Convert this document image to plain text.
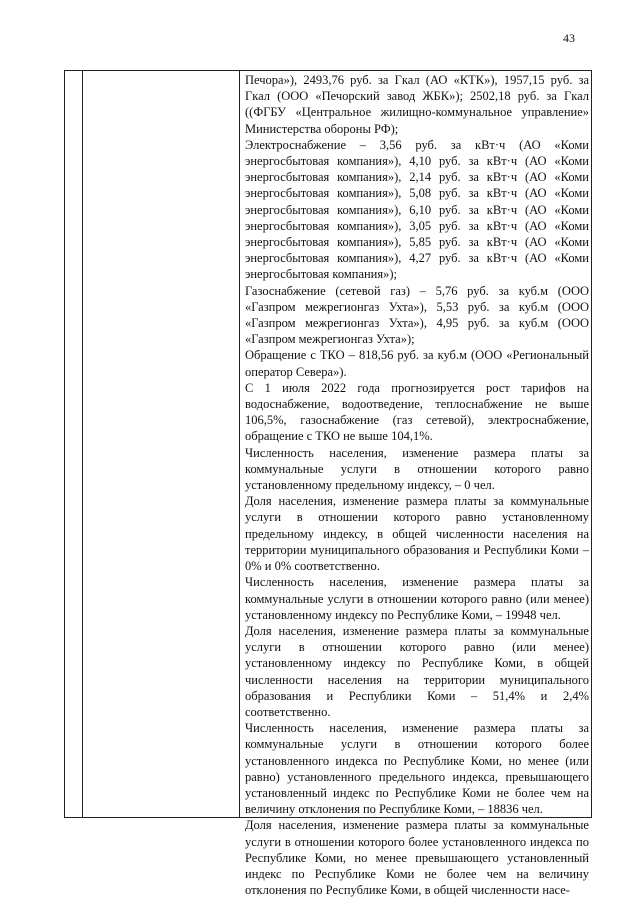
43

Печора»), 2493,76 руб. за Гкал (АО «КТК»), 1957,15 руб. за Гкал (ООО «Печорский завод ЖБК»); 2502,18 руб. за Гкал ((ФГБУ «Центральное жилищно-коммунальное управление» Министерства обороны РФ);

Электроснабжение – 3,56 руб. за кВт·ч (АО «Коми энергосбытовая компания»), 4,10 руб. за кВт·ч (АО «Коми энергосбытовая компания»), 2,14 руб. за кВт·ч (АО «Коми энергосбытовая компания»), 5,08 руб. за кВт·ч (АО «Коми энергосбытовая компания»), 6,10 руб. за кВт·ч (АО «Коми энергосбытовая компания»), 3,05 руб. за кВт·ч (АО «Коми энергосбытовая компания»), 5,85 руб. за кВт·ч (АО «Коми энергосбытовая компания»), 4,27 руб. за кВт·ч (АО «Коми энергосбытовая компания»);

Газоснабжение (сетевой газ) – 5,76 руб. за куб.м (ООО «Газпром межрегионгаз Ухта»), 5,53 руб. за куб.м (ООО «Газпром межрегионгаз Ухта»), 4,95 руб. за куб.м (ООО «Газпром межрегионгаз Ухта»);

Обращение с ТКО – 818,56 руб. за куб.м (ООО «Региональный оператор Севера»).

С 1 июля 2022 года прогнозируется рост тарифов на водоснабжение, водоотведение, теплоснабжение не выше 106,5%, газоснабжение (газ сетевой), электроснабжение, обращение с ТКО не выше 104,1%.

Численность населения, изменение размера платы за коммунальные услуги в отношении которого равно установленному предельному индексу, – 0 чел.

Доля населения, изменение размера платы за коммунальные услуги в отношении которого равно установленному предельному индексу, в общей численности населения на территории муниципального образования и Республики Коми – 0% и 0% соответственно.

Численность населения, изменение размера платы за коммунальные услуги в отношении которого равно (или менее) установленному индексу по Республике Коми, – 19948 чел.

Доля населения, изменение размера платы за коммунальные услуги в отношении которого равно (или менее) установленному индексу по Республике Коми, в общей численности населения на территории муниципального образования и Республики Коми – 51,4% и 2,4% соответственно.

Численность населения, изменение размера платы за коммунальные услуги в отношении которого более установленного индекса по Республике Коми, но менее (или равно) установленного предельного индекса, превышающего установленный индекс по Республике Коми не более чем на величину отклонения по Республике Коми, – 18836 чел.

Доля населения, изменение размера платы за коммунальные услуги в отношении которого более установленного индекса по Республике Коми, но менее превышающего установленный индекс по Республике Коми не более чем на величину отклонения по Республике Коми, в общей численности насе-
